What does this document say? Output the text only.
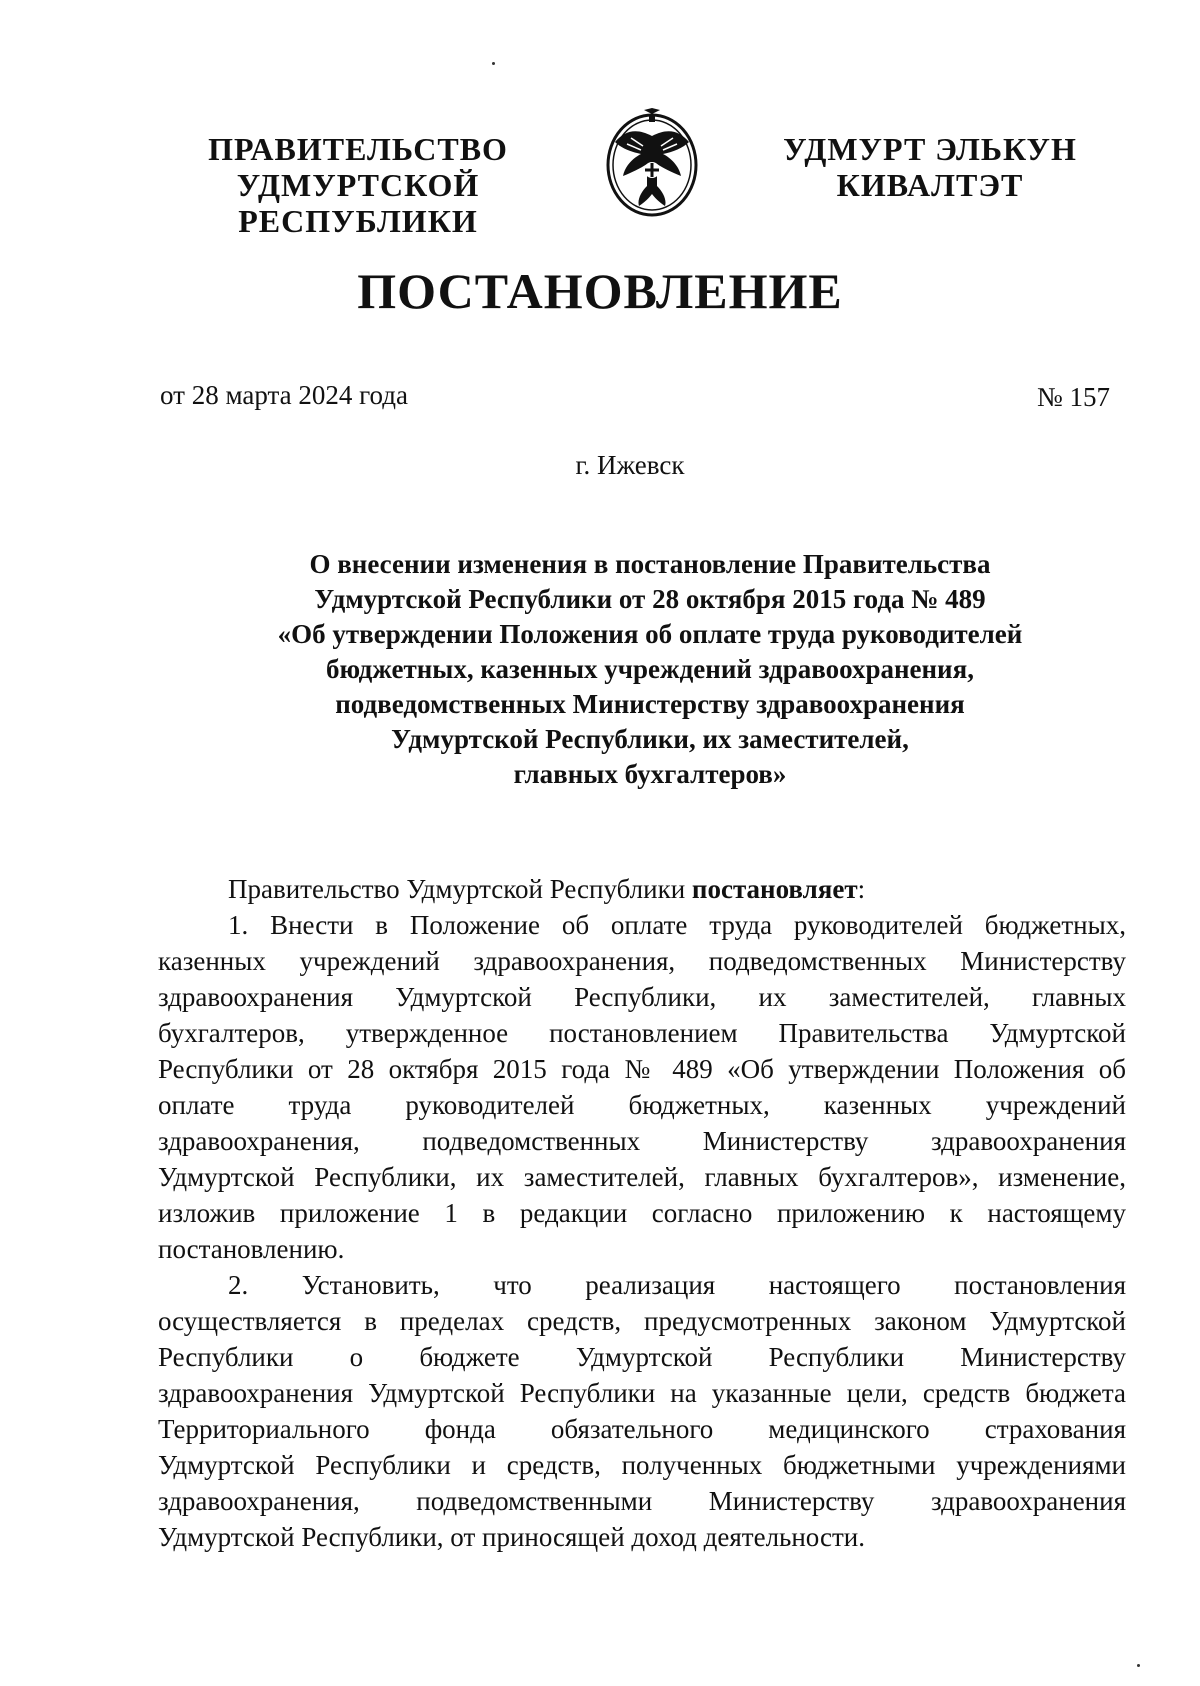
ПРАВИТЕЛЬСТВО
УДМУРТСКОЙ РЕСПУБЛИКИ
УДМУРТ ЭЛЬКУН
КИВАЛТЭТ
ПОСТАНОВЛЕНИЕ
от 28 марта 2024 года	№ 157
г. Ижевск
О внесении изменения в постановление Правительства
Удмуртской Республики от 28 октября 2015 года № 489
«Об утверждении Положения об оплате труда руководителей
бюджетных, казенных учреждений здравоохранения,
подведомственных Министерству здравоохранения
Удмуртской Республики, их заместителей,
главных бухгалтеров»
Правительство Удмуртской Республики постановляет:
1. Внести в Положение об оплате труда руководителей бюджетных,
казенных учреждений здравоохранения, подведомственных Министерству
здравоохранения Удмуртской Республики, их заместителей, главных
бухгалтеров, утвержденное постановлением Правительства Удмуртской
Республики от 28 октября 2015 года № 489 «Об утверждении Положения об
оплате труда руководителей бюджетных, казенных учреждений
здравоохранения, подведомственных Министерству здравоохранения
Удмуртской Республики, их заместителей, главных бухгалтеров», изменение,
изложив приложение 1 в редакции согласно приложению к настоящему
постановлению.
2. Установить, что реализация настоящего постановления
осуществляется в пределах средств, предусмотренных законом Удмуртской
Республики о бюджете Удмуртской Республики Министерству
здравоохранения Удмуртской Республики на указанные цели, средств бюджета
Территориального фонда обязательного медицинского страхования
Удмуртской Республики и средств, полученных бюджетными учреждениями
здравоохранения, подведомственными Министерству здравоохранения
Удмуртской Республики, от приносящей доход деятельности.
